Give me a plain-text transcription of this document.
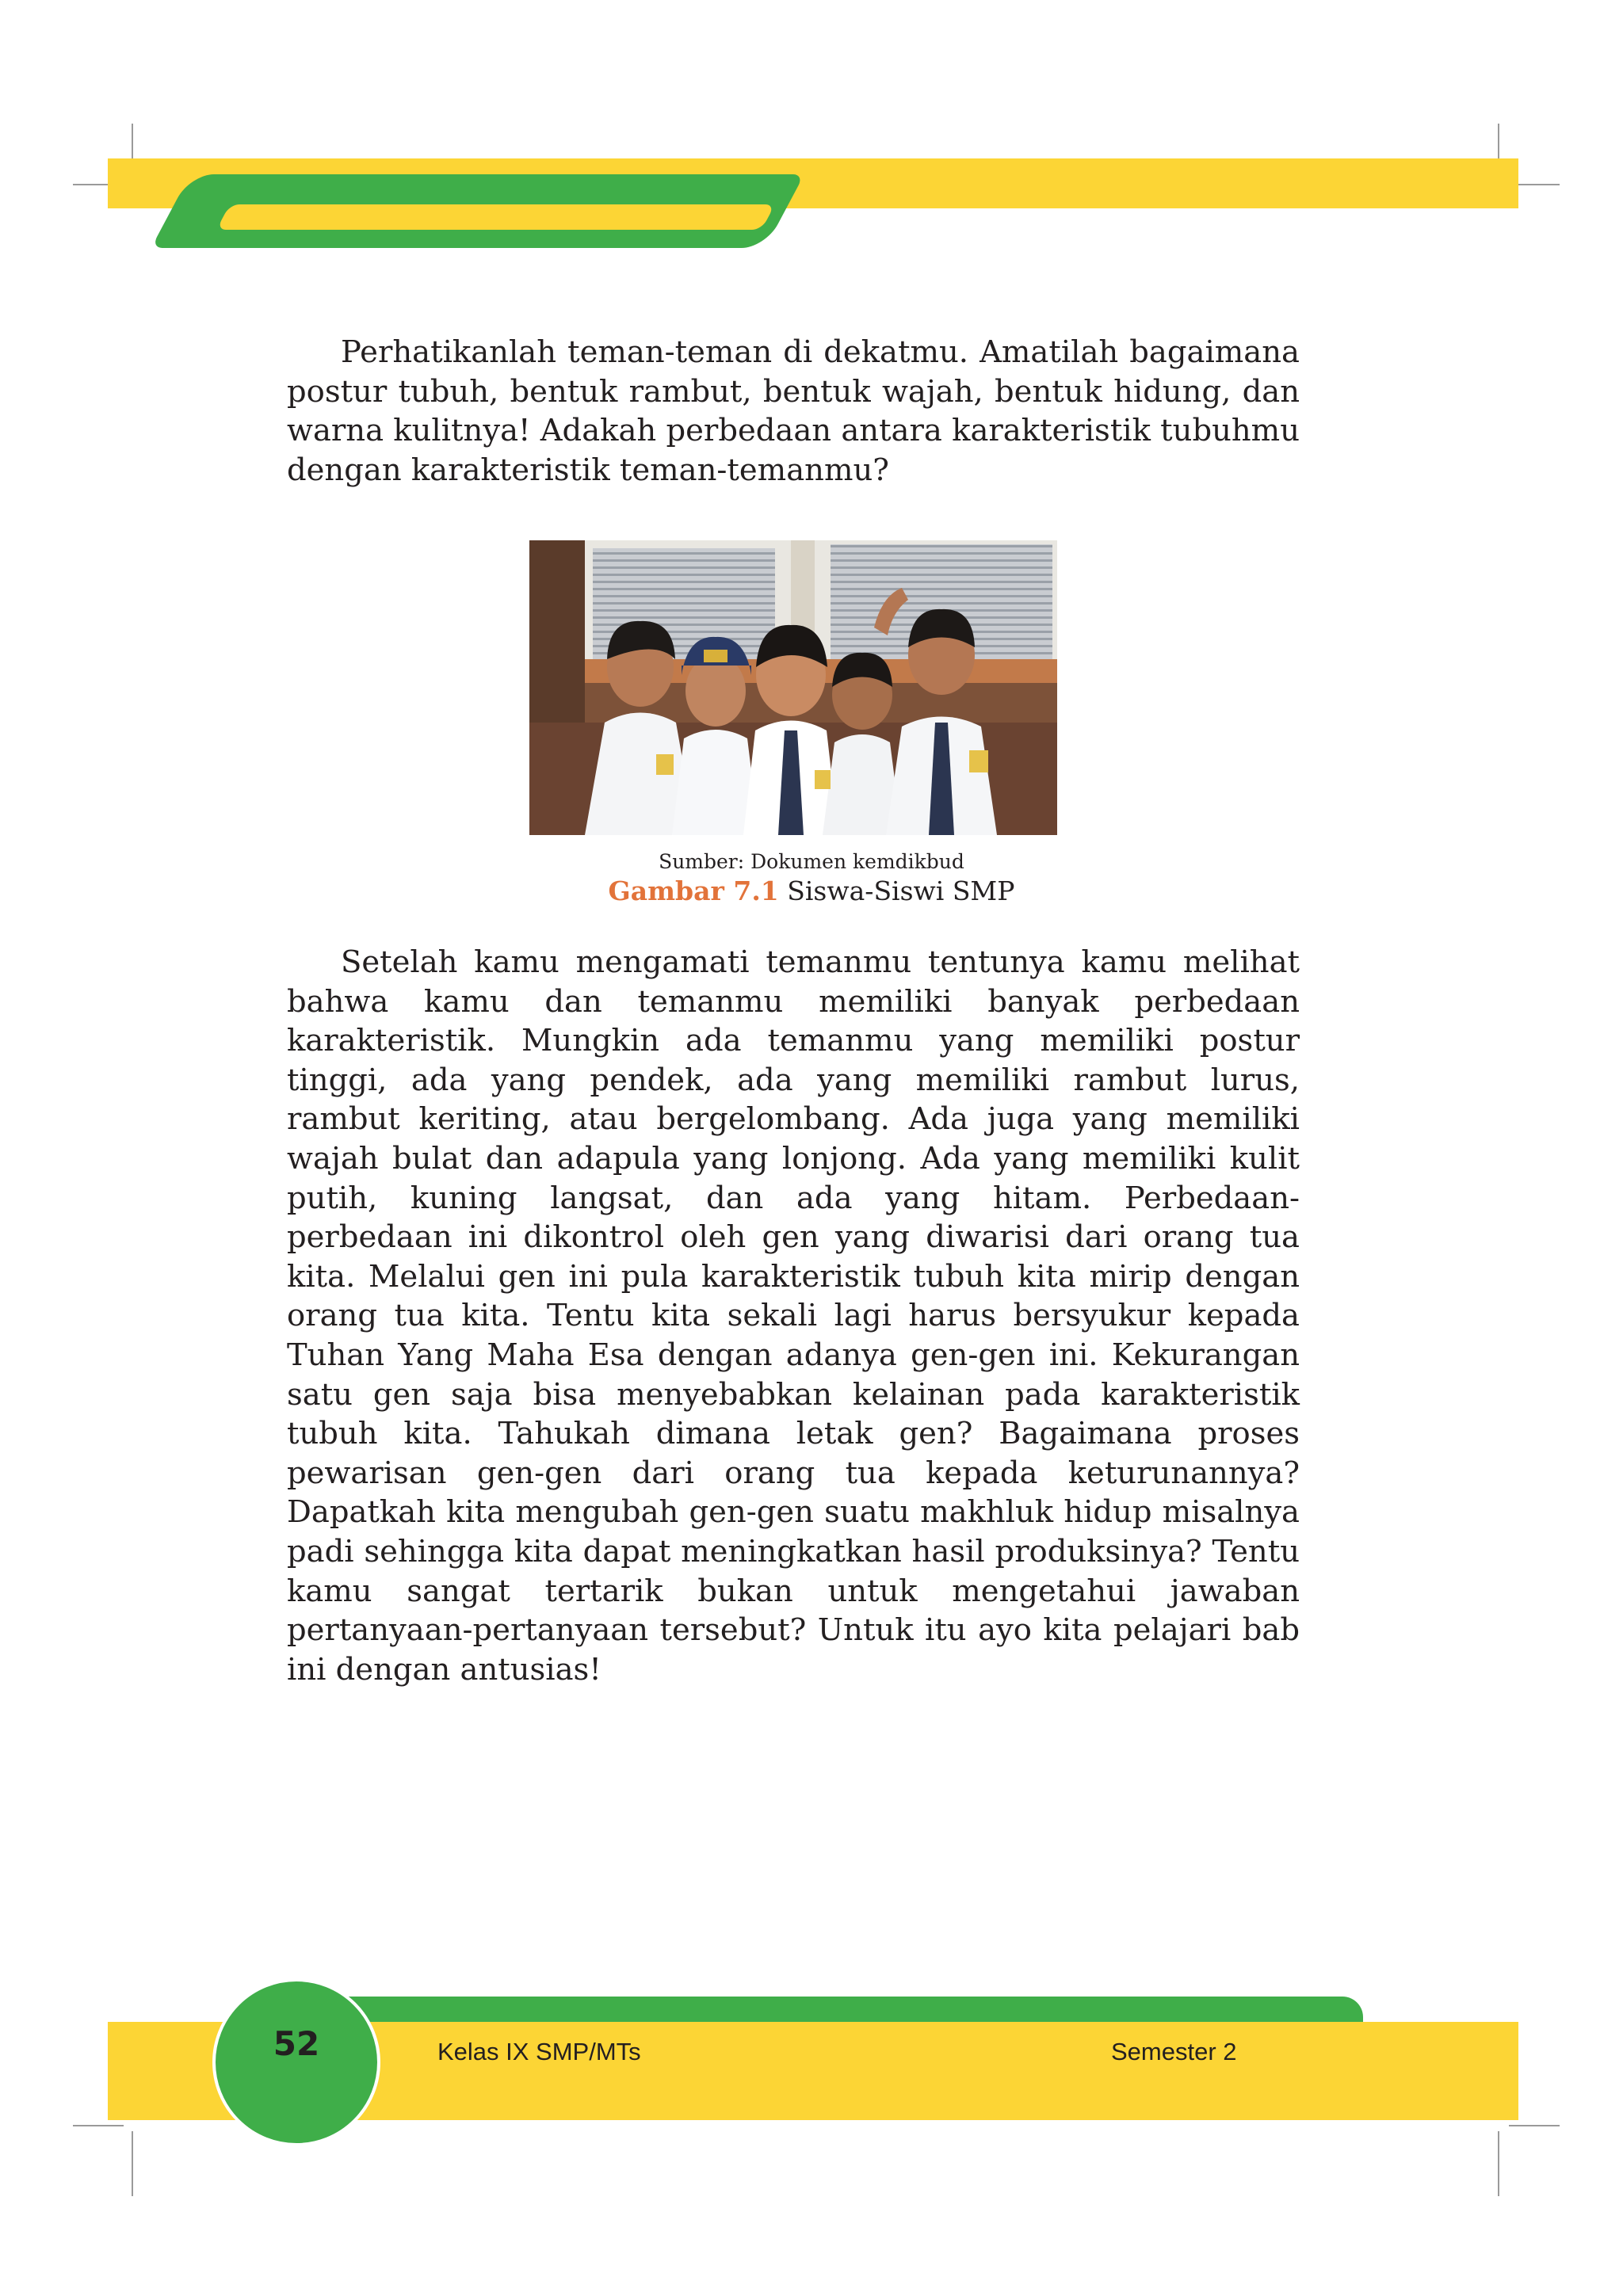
Perhatikanlah teman-teman di dekatmu. Amatilah bagaimana postur tubuh, bentuk rambut, bentuk wajah, bentuk hidung, dan warna kulitnya! Adakah perbedaan antara karakteristik tubuhmu dengan karakteristik teman-temanmu?

Sumber: Dokumen kemdikbud
Gambar 7.1 Siswa-Siswi SMP

Setelah kamu mengamati temanmu tentunya kamu melihat bahwa kamu dan temanmu memiliki banyak perbedaan karakteristik. Mungkin ada temanmu yang memiliki postur tinggi, ada yang pendek, ada yang memiliki rambut lurus, rambut keriting, atau bergelombang. Ada juga yang memiliki wajah bulat dan adapula yang lonjong. Ada yang memiliki kulit putih, kuning langsat, dan ada yang hitam. Perbedaan-perbedaan ini dikontrol oleh gen yang diwarisi dari orang tua kita. Melalui gen ini pula karakteristik tubuh kita mirip dengan orang tua kita. Tentu kita sekali lagi harus bersyukur kepada Tuhan Yang Maha Esa dengan adanya gen-gen ini. Kekurangan satu gen saja bisa menyebabkan kelainan pada karakteristik tubuh kita. Tahukah dimana letak gen? Bagaimana proses pewarisan gen-gen dari orang tua kepada keturunannya? Dapatkah kita mengubah gen-gen suatu makhluk hidup misalnya padi sehingga kita dapat meningkatkan hasil produksinya? Tentu kamu sangat tertarik bukan untuk mengetahui jawaban pertanyaan-pertanyaan tersebut? Untuk itu ayo kita pelajari bab ini dengan antusias!

52	Kelas IX SMP/MTs	Semester 2
